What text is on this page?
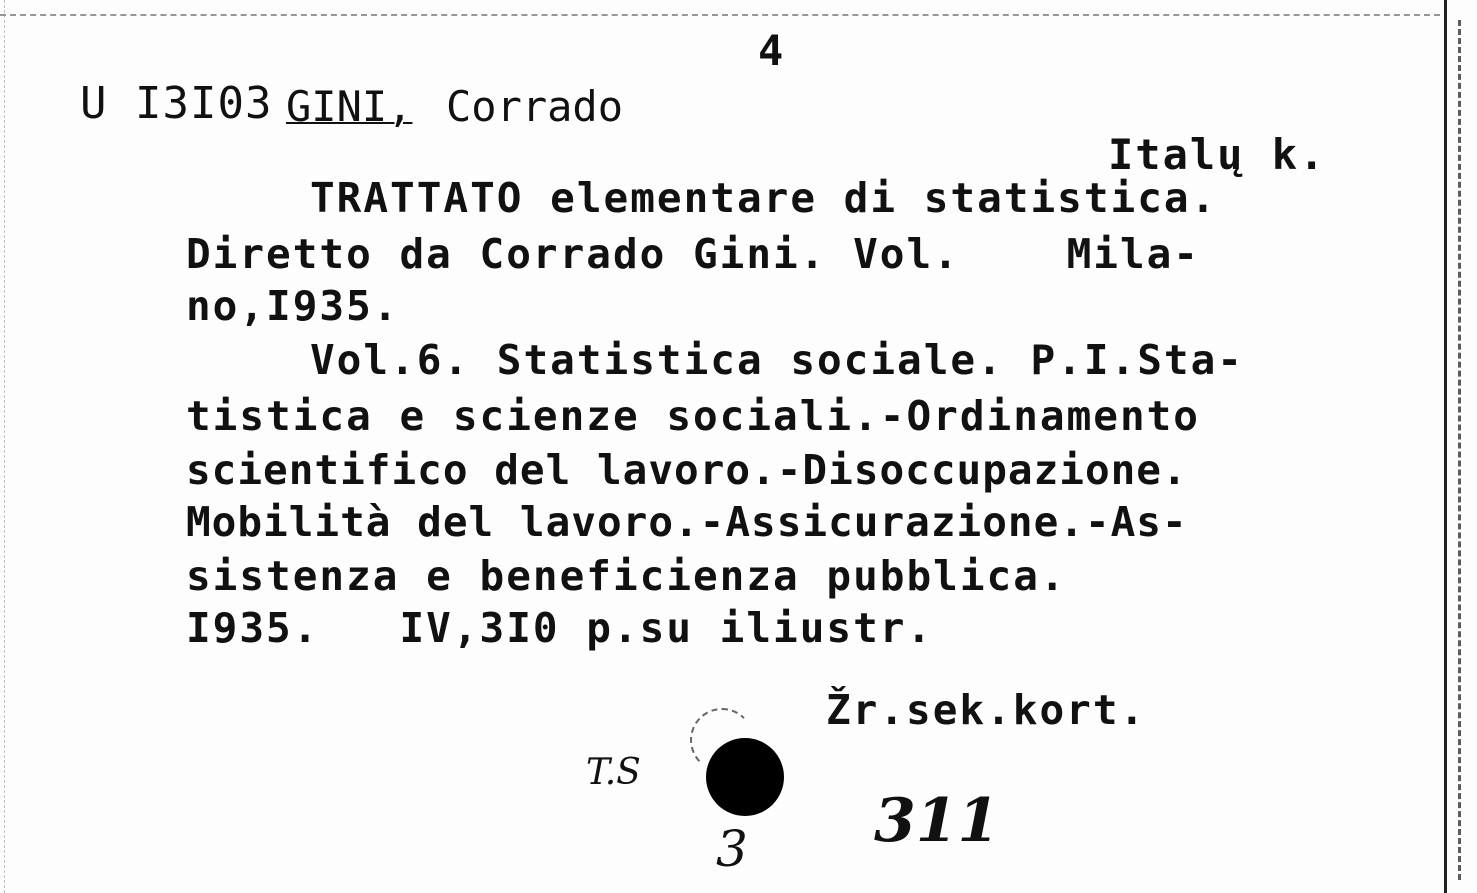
4
U I3I03 GINI, Corrado
Italų k.
TRATTATO elementare di statistica.
Diretto da Corrado Gini. Vol.    Mila-
no,I935.
Vol.6. Statistica sociale. P.I.Sta-
tistica e scienze sociali.-Ordinamento
scientifico del lavoro.-Disoccupazione.
Mobilità del lavoro.-Assicurazione.-As-
sistenza e beneficienza pubblica.
I935.   IV,3I0 p.su iliustr.
Žr.sek.kort.
T.S
3 311
